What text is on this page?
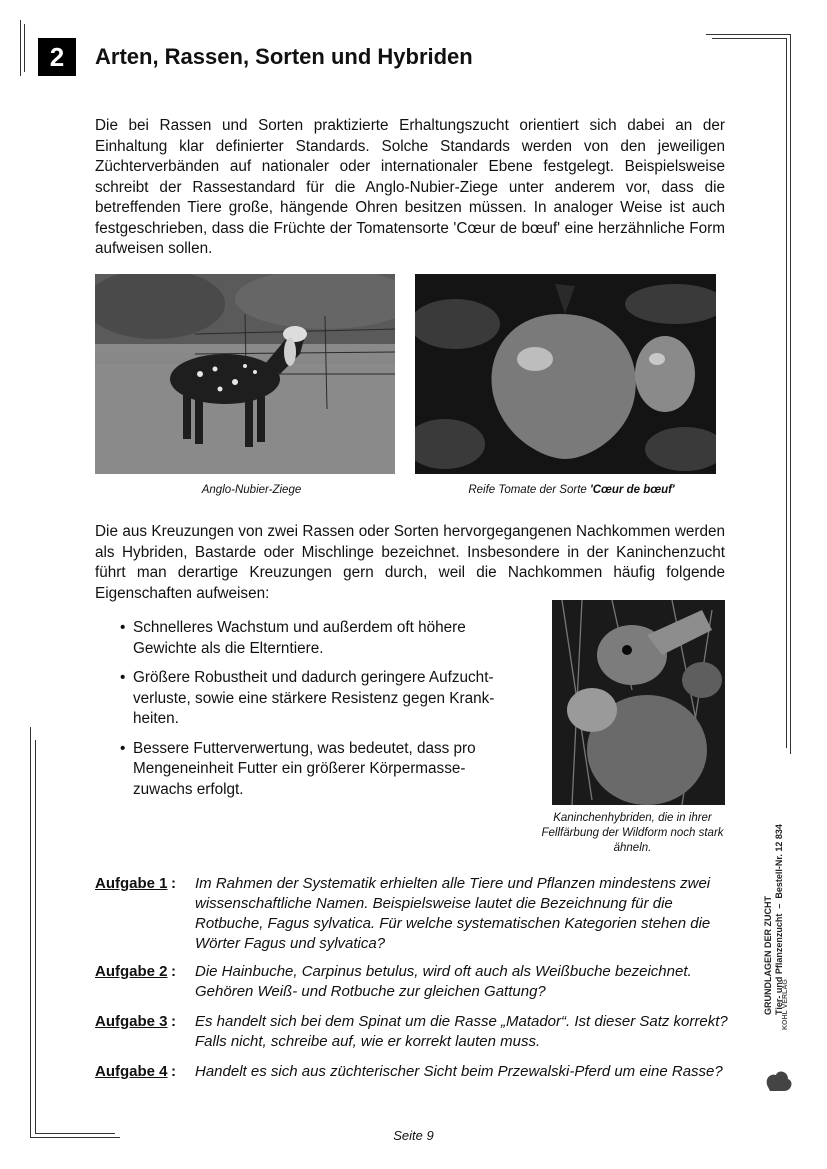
2	Arten, Rassen, Sorten und Hybriden
Die bei Rassen und Sorten praktizierte Erhaltungszucht orientiert sich dabei an der Einhaltung klar definierter Standards. Solche Standards werden von den jeweiligen Züchterverbänden auf nationaler oder internationaler Ebene festgelegt. Beispielsweise schreibt der Rassestandard für die Anglo-Nubier-Ziege unter anderem vor, dass die betreffenden Tiere große, hängende Ohren besitzen müssen. In analoger Weise ist auch festgeschrieben, dass die Früchte der Tomatensorte 'Cœur de bœuf' eine herzähnliche Form aufweisen sollen.
Anglo-Nubier-Ziege	Reife Tomate der Sorte 'Cœur de bœuf'
Die aus Kreuzungen von zwei Rassen oder Sorten hervorgegangenen Nachkommen werden als Hybriden, Bastarde oder Mischlinge bezeichnet. Insbesondere in der Kaninchenzucht führt man derartige Kreuzungen gern durch, weil die Nachkommen häufig folgende Eigenschaften aufweisen:
• Schnelleres Wachstum und außerdem oft höhere Gewichte als die Elterntiere.
• Größere Robustheit und dadurch geringere Aufzucht-verluste, sowie eine stärkere Resistenz gegen Krank-heiten.
• Bessere Futterverwertung, was bedeutet, dass pro Mengeneinheit Futter ein größerer Körpermasse-zuwachs erfolgt.
Kaninchenhybriden, die in ihrer Fellfärbung der Wildform noch stark ähneln.
Aufgabe 1 : Im Rahmen der Systematik erhielten alle Tiere und Pflanzen mindestens zwei wissenschaftliche Namen. Beispielsweise lautet die Bezeichnung für die Rotbuche, Fagus sylvatica. Für welche systematischen Kategorien stehen die Wörter Fagus und sylvatica?
Aufgabe 2 : Die Hainbuche, Carpinus betulus, wird oft auch als Weißbuche bezeichnet. Gehören Weiß- und Rotbuche zur gleichen Gattung?
Aufgabe 3 : Es handelt sich bei dem Spinat um die Rasse „Matador“. Ist dieser Satz korrekt? Falls nicht, schreibe auf, wie er korrekt lauten muss.
Aufgabe 4 : Handelt es sich aus züchterischer Sicht beim Przewalski-Pferd um eine Rasse?
GRUNDLAGEN DER ZUCHT Tier- und Pflanzenzucht  –  Bestell-Nr. 12 834
KOHL VERLAG
Seite 9
